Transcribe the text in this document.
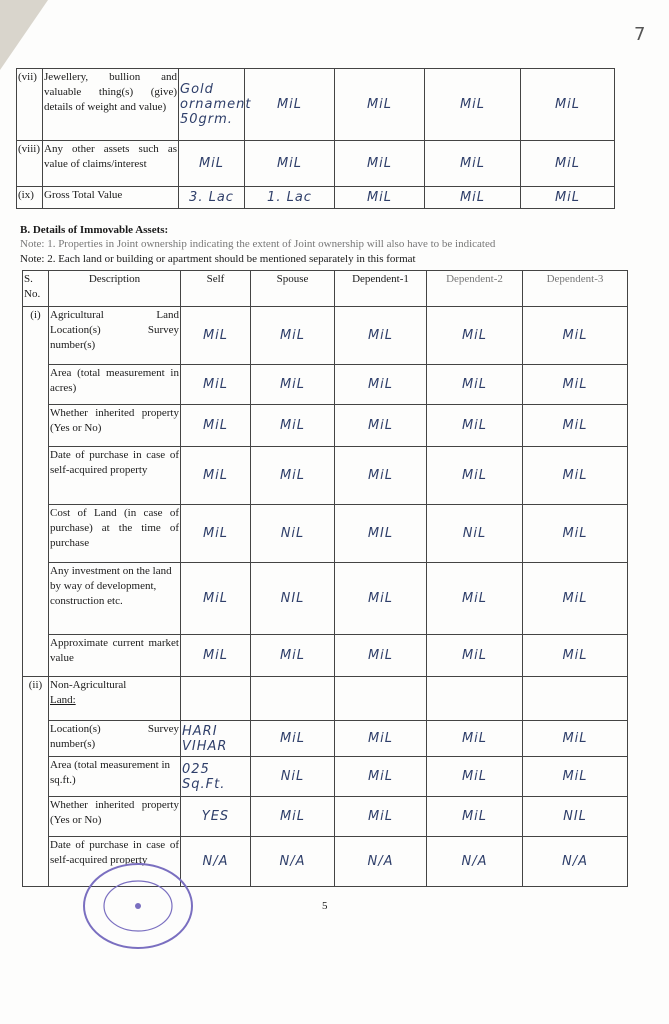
7
(vii)	Jewellery, bullion and valuable thing(s) (give) details of weight and value)	Gold ornament 50grm.	MiL	MiL	MiL	MiL
(viii)	Any other assets such as value of claims/interest	MiL	MiL	MiL	MiL	MiL
(ix)	Gross Total Value	3. Lac	1. Lac	MiL	MiL	MiL
B. Details of Immovable Assets:
Note: 1. Properties in Joint ownership indicating the extent of Joint ownership will also have to be indicated
Note: 2. Each land or building or apartment should be mentioned separately in this format
S. No.	Description	Self	Spouse	Dependent-1	Dependent-2	Dependent-3
(i)	Agricultural Land Location(s) Survey number(s)	MiL	MiL	MiL	MiL	MiL
	Area (total measurement in acres)	MiL	MiL	MiL	MiL	MiL
	Whether inherited property (Yes or No)	MiL	MiL	MiL	MiL	MiL
	Date of purchase in case of self-acquired property	MiL	MiL	MiL	MiL	MiL
	Cost of Land (in case of purchase) at the time of purchase	MiL	NiL	MIL	NiL	MiL
	Any investment on the land by way of development, construction etc.	MiL	NIL	MiL	MiL	MiL
	Approximate current market value	MiL	MiL	MiL	MiL	MiL
(ii)	Non-Agricultural
Land:					

	Location(s) Survey number(s)	HARI VIHAR	MiL	MiL	MiL	MiL
	Area (total measurement in sq.ft.)	025 Sq.Ft.	NiL	MiL	MiL	MiL
	Whether inherited property (Yes or No)	YES	MiL	MiL	MiL	NIL
	Date of purchase in case of self-acquired property	N/A	N/A	N/A	N/A	N/A
5
